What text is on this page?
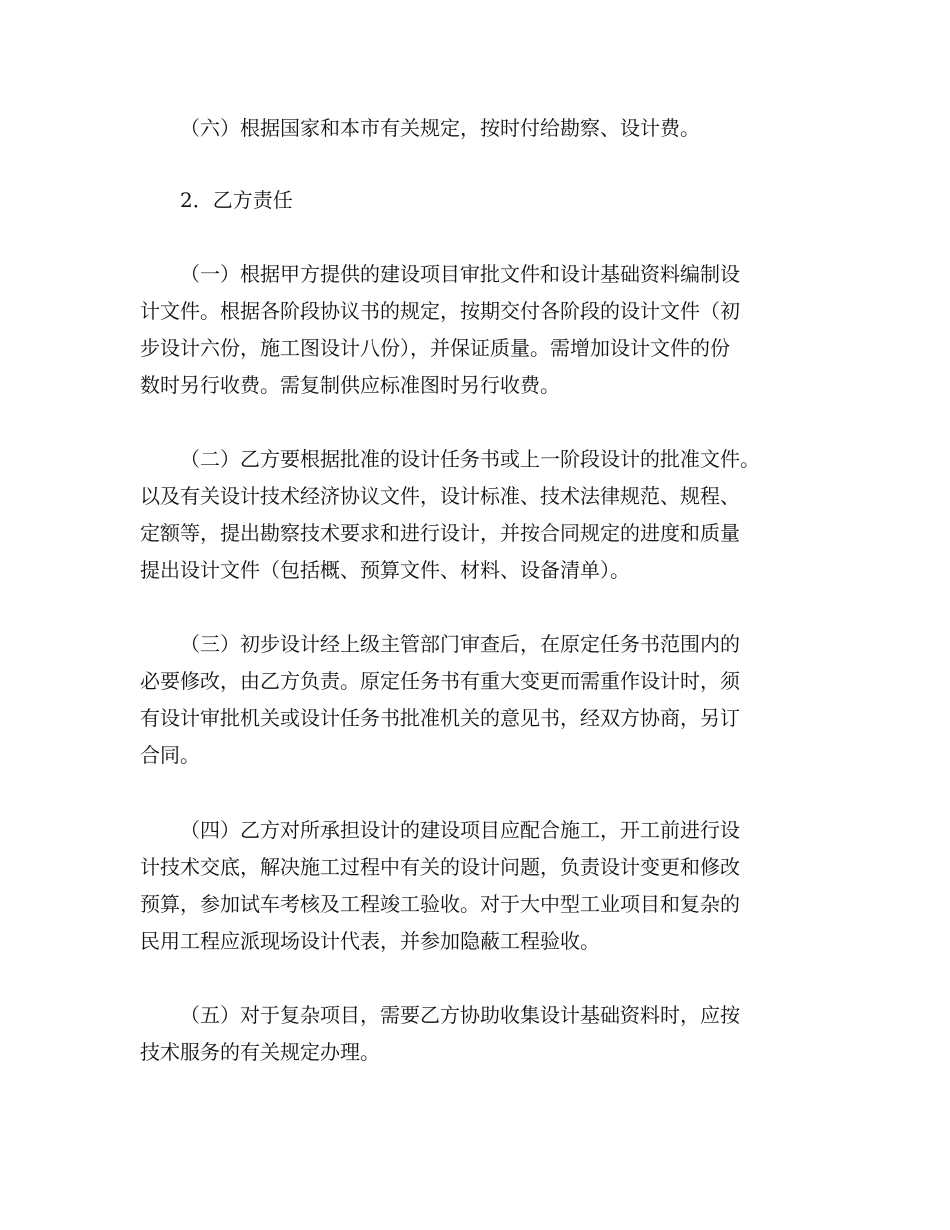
（六）根据国家和本市有关规定，按时付给勘察、设计费。

2．乙方责任

（一）根据甲方提供的建设项目审批文件和设计基础资料编制设
计文件。根据各阶段协议书的规定，按期交付各阶段的设计文件（初
步设计六份，施工图设计八份），并保证质量。需增加设计文件的份
数时另行收费。需复制供应标准图时另行收费。

（二）乙方要根据批准的设计任务书或上一阶段设计的批准文件。
以及有关设计技术经济协议文件，设计标准、技术法律规范、规程、
定额等，提出勘察技术要求和进行设计，并按合同规定的进度和质量
提出设计文件（包括概、预算文件、材料、设备清单）。

（三）初步设计经上级主管部门审查后，在原定任务书范围内的
必要修改，由乙方负责。原定任务书有重大变更而需重作设计时，须
有设计审批机关或设计任务书批准机关的意见书，经双方协商，另订
合同。

（四）乙方对所承担设计的建设项目应配合施工，开工前进行设
计技术交底，解决施工过程中有关的设计问题，负责设计变更和修改
预算，参加试车考核及工程竣工验收。对于大中型工业项目和复杂的
民用工程应派现场设计代表，并参加隐蔽工程验收。

（五）对于复杂项目，需要乙方协助收集设计基础资料时，应按
技术服务的有关规定办理。
